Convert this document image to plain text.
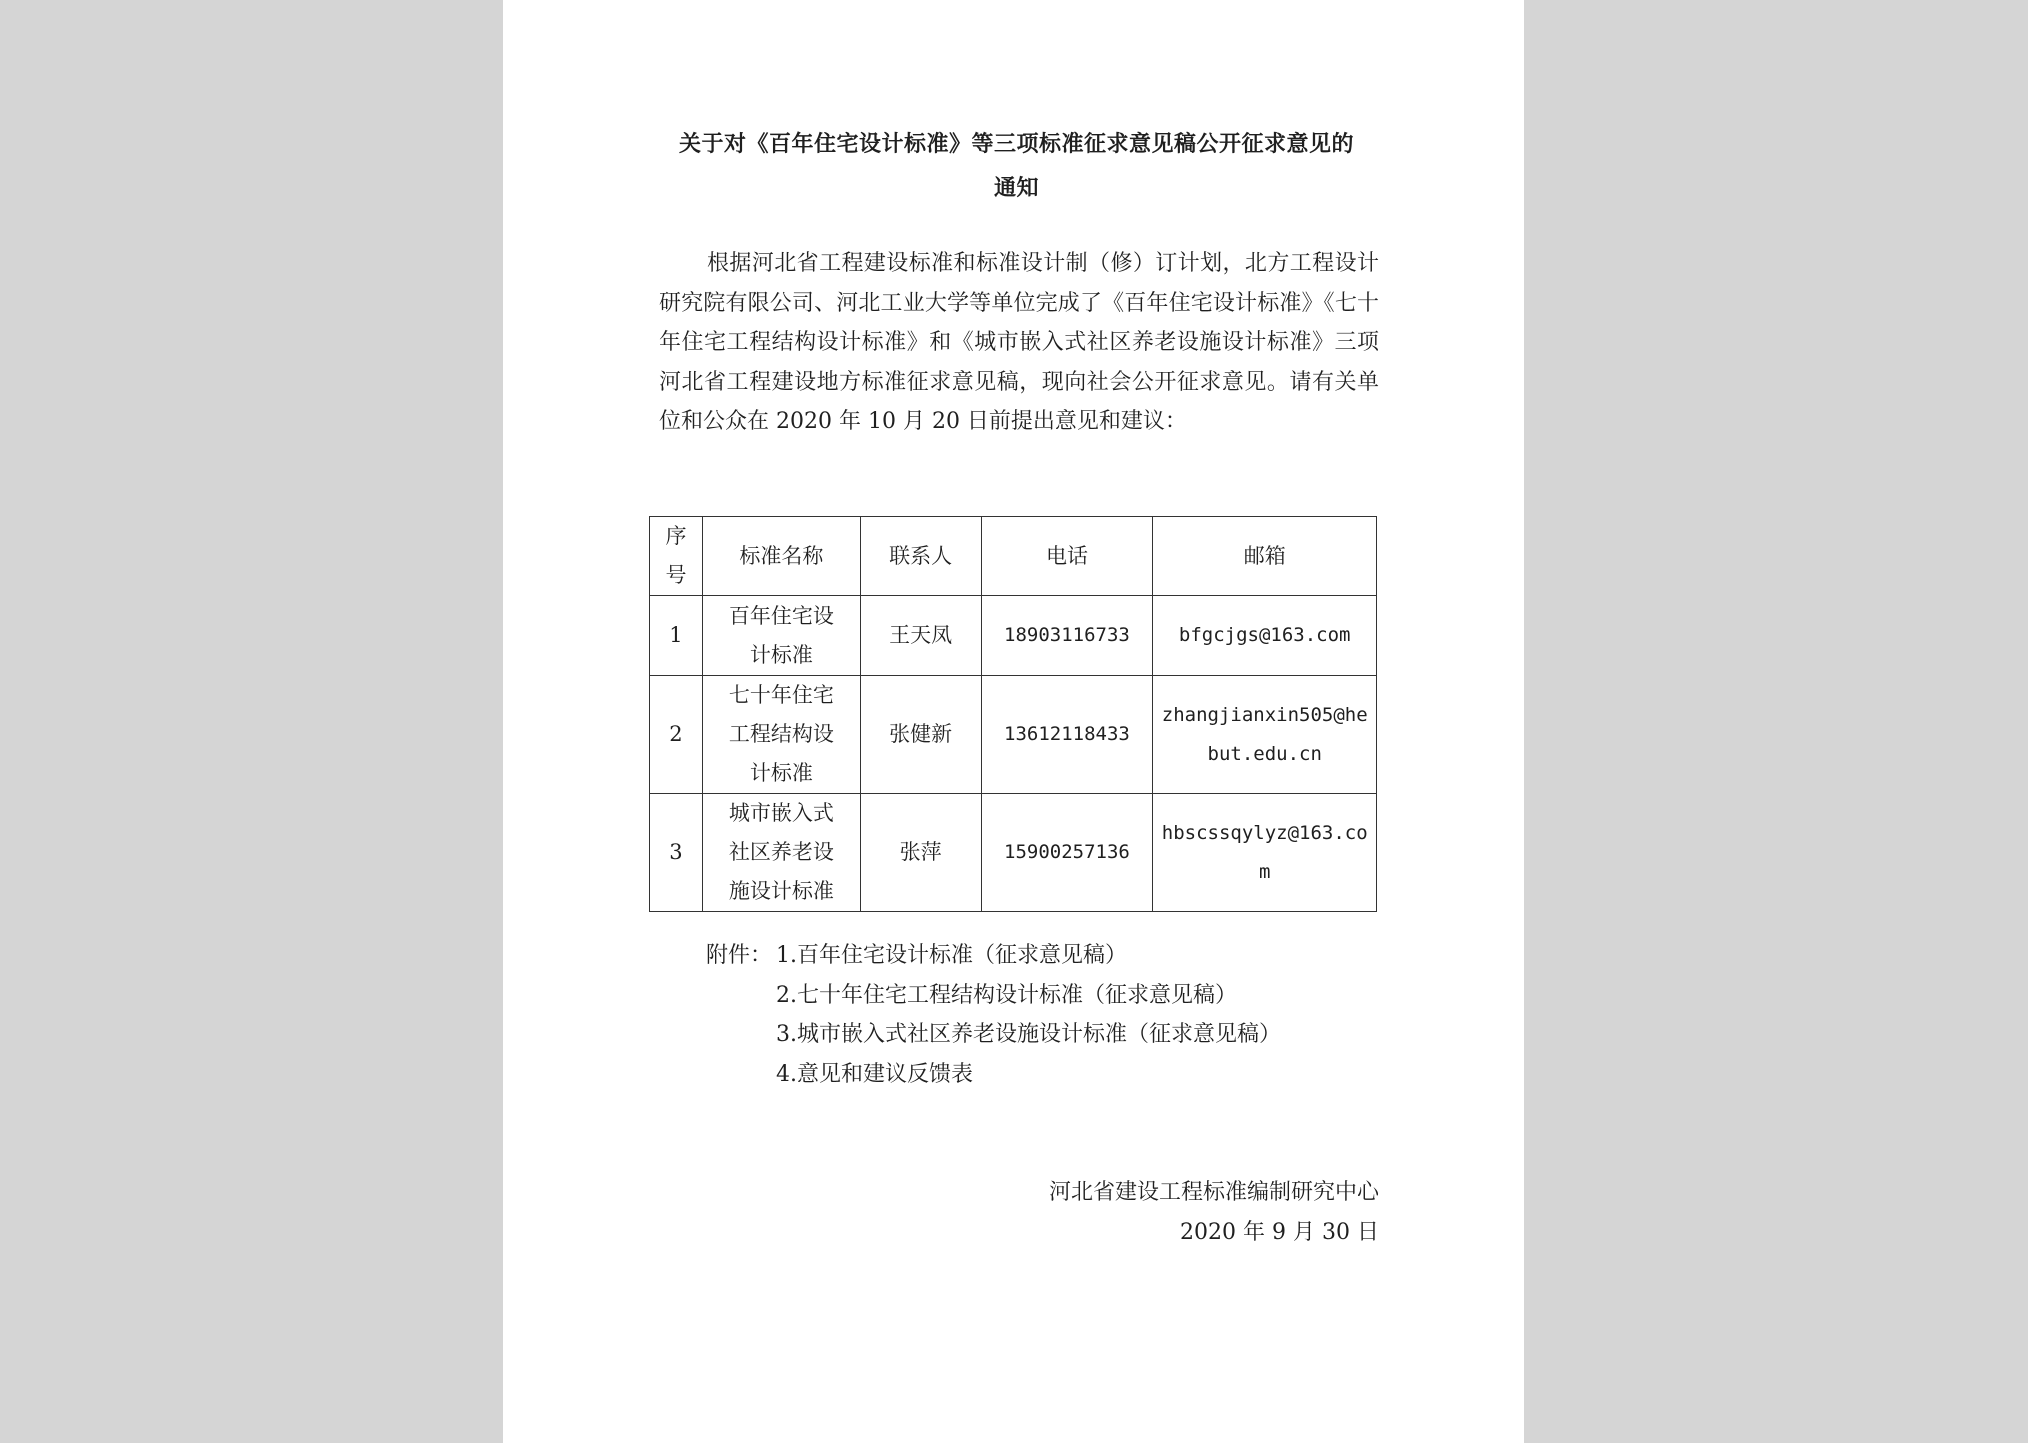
关于对《百年住宅设计标准》等三项标准征求意见稿公开征求意见的
通知

根据河北省工程建设标准和标准设计制（修）订计划，北方工程设计研究院有限公司、河北工业大学等单位完成了《百年住宅设计标准》《七十年住宅工程结构设计标准》和《城市嵌入式社区养老设施设计标准》三项河北省工程建设地方标准征求意见稿，现向社会公开征求意见。请有关单位和公众在 2020 年 10 月 20 日前提出意见和建议：

序号	标准名称	联系人	电话	邮箱
1	百年住宅设计标准	王天凤	18903116733	bfgcjgs@163.com
2	七十年住宅工程结构设计标准	张健新	13612118433	zhangjianxin505@hebut.edu.cn
3	城市嵌入式社区养老设施设计标准	张萍	15900257136	hbscssqylyz@163.com
附件： 1.百年住宅设计标准（征求意见稿）
2.七十年住宅工程结构设计标准（征求意见稿）
3.城市嵌入式社区养老设施设计标准（征求意见稿）
4.意见和建议反馈表
河北省建设工程标准编制研究中心
2020 年 9 月 30 日
